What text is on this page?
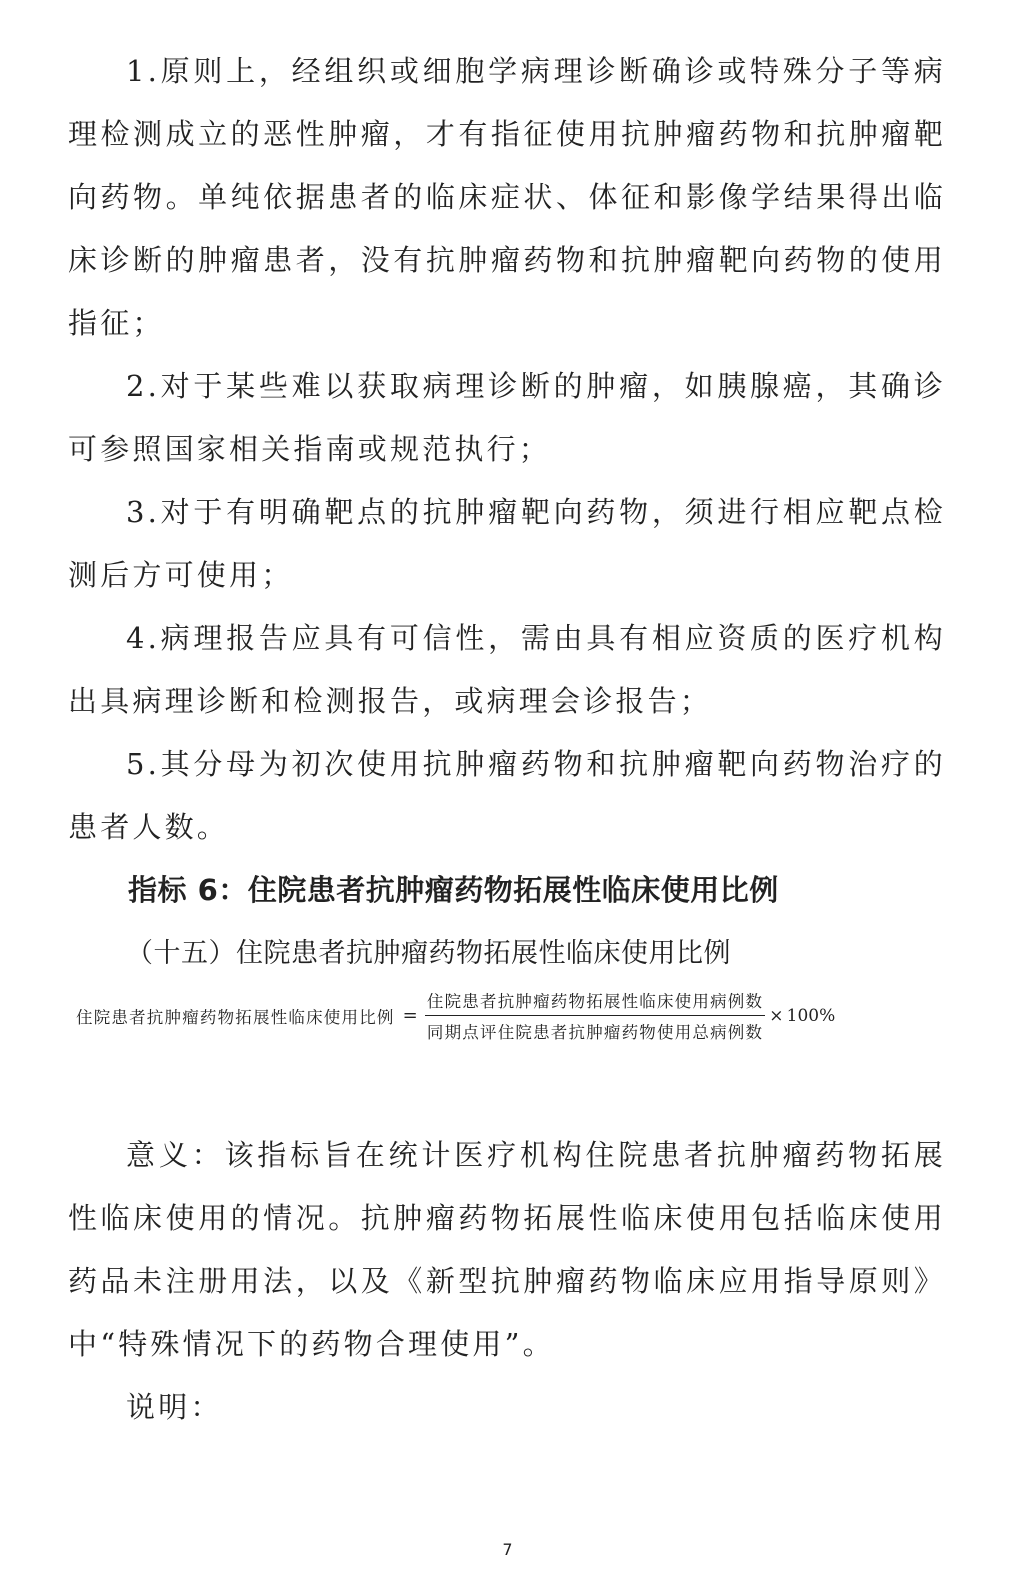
1.原则上，经组织或细胞学病理诊断确诊或特殊分子等病理检测成立的恶性肿瘤，才有指征使用抗肿瘤药物和抗肿瘤靶向药物。单纯依据患者的临床症状、体征和影像学结果得出临床诊断的肿瘤患者，没有抗肿瘤药物和抗肿瘤靶向药物的使用指征；

2.对于某些难以获取病理诊断的肿瘤，如胰腺癌，其确诊可参照国家相关指南或规范执行；

3.对于有明确靶点的抗肿瘤靶向药物，须进行相应靶点检测后方可使用；

4.病理报告应具有可信性，需由具有相应资质的医疗机构出具病理诊断和检测报告，或病理会诊报告；

5.其分母为初次使用抗肿瘤药物和抗肿瘤靶向药物治疗的患者人数。

指标 6：住院患者抗肿瘤药物拓展性临床使用比例

（十五）住院患者抗肿瘤药物拓展性临床使用比例

住院患者抗肿瘤药物拓展性临床使用比例 = $\frac{\text{住院患者抗肿瘤药物拓展性临床使用病例数}}{\text{同期点评住院患者抗肿瘤药物使用总病例数}} \times 100\%$

意义：该指标旨在统计医疗机构住院患者抗肿瘤药物拓展性临床使用的情况。抗肿瘤药物拓展性临床使用包括临床使用药品未注册用法，以及《新型抗肿瘤药物临床应用指导原则》中“特殊情况下的药物合理使用”。

说明：

7
